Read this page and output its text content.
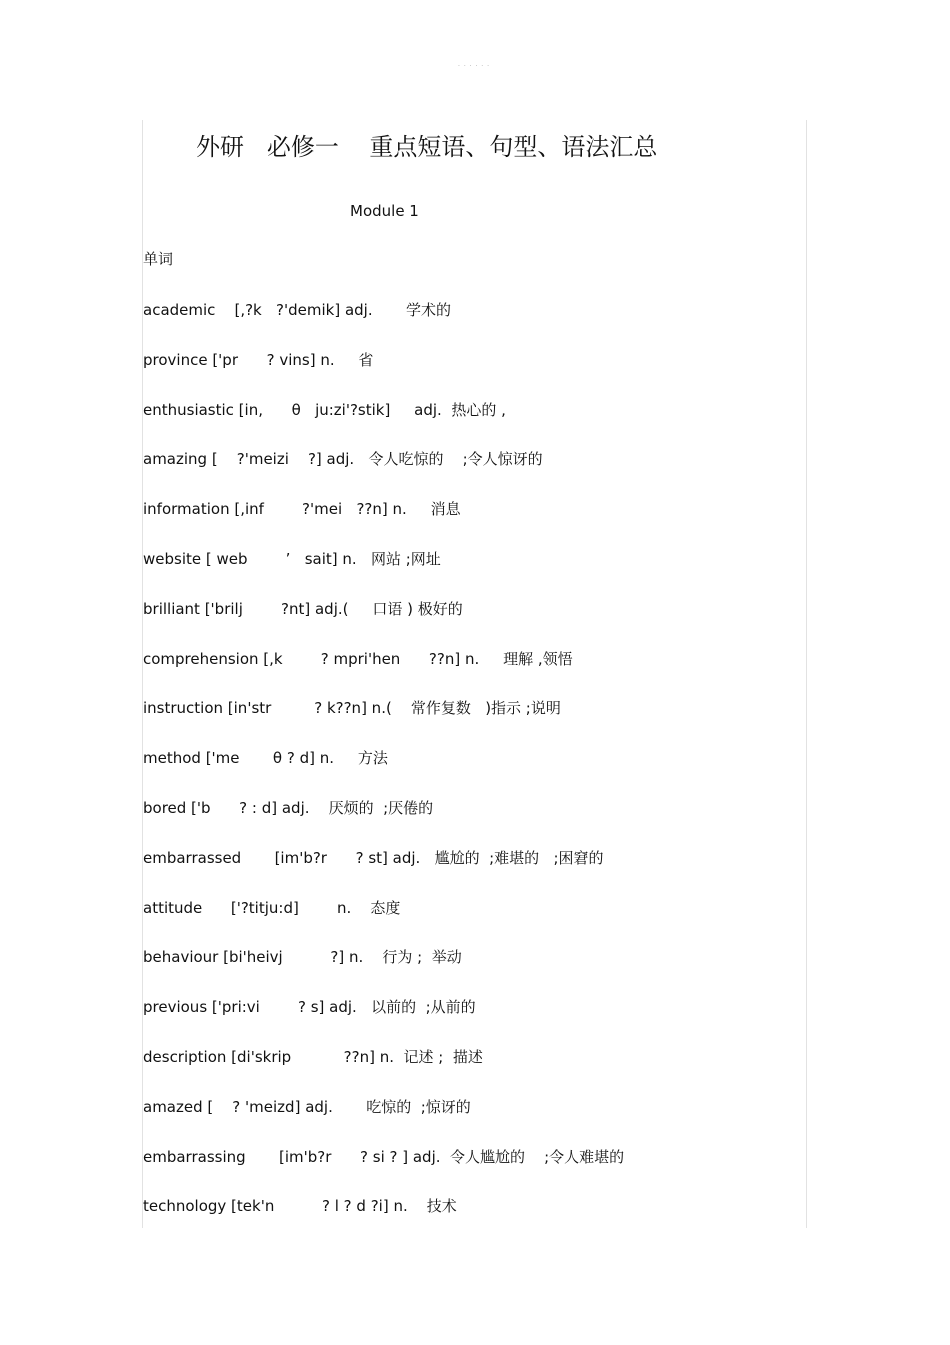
· · · · · ·
外研   必修一    重点短语、句型、语法汇总
Module 1
单词
academic    [,?k   ?'demik] adj.       学术的
province ['pr      ? vins] n.     省
enthusiastic [in,      θ   ju:zi'?stik]     adj.  热心的 ,
amazing [    ?'meizi    ?] adj.   令人吃惊的    ;令人惊讶的
information [,inf        ?'mei   ??n] n.     消息
website [ web        ’   sait] n.   网站 ;网址
brilliant ['brilj        ?nt] adj.(     口语 ) 极好的
comprehension [,k        ? mpri'hen      ??n] n.     理解 ,领悟
instruction [in'str         ? k??n] n.(    常作复数   )指示 ;说明
method ['me       θ ? d] n.     方法
bored ['b      ? : d] adj.    厌烦的  ;厌倦的
embarrassed       [im'b?r      ? st] adj.   尴尬的  ;难堪的   ;困窘的
attitude      ['?titju:d]        n.    态度
behaviour [bi'heivj          ?] n.    行为 ;  举动
previous ['pri:vi        ? s] adj.   以前的  ;从前的
description [di'skrip           ??n] n.  记述 ;  描述
amazed [    ? 'meizd] adj.       吃惊的  ;惊讶的
embarrassing       [im'b?r      ? si ? ] adj.  令人尴尬的    ;令人难堪的
technology [tek'n          ? l ? d ?i] n.    技术
